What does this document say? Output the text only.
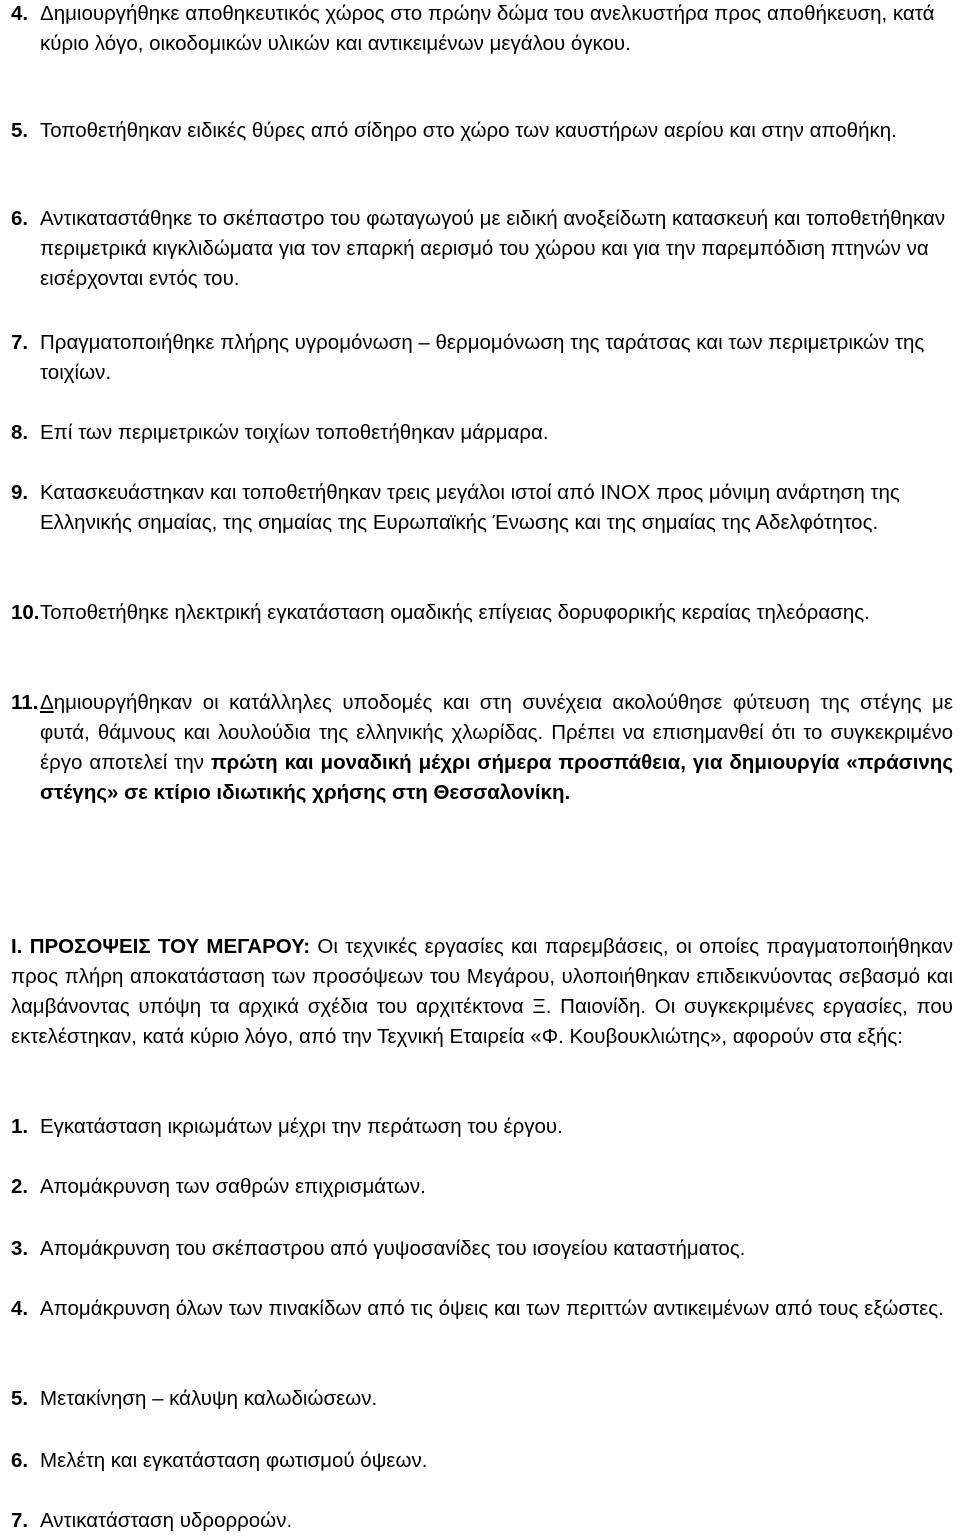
4. Δημιουργήθηκε αποθηκευτικός χώρος στο πρώην δώμα του ανελκυστήρα προς αποθήκευση, κατά κύριο λόγο, οικοδομικών υλικών και αντικειμένων μεγάλου όγκου.

5. Τοποθετήθηκαν ειδικές θύρες από σίδηρο στο χώρο των καυστήρων αερίου και στην αποθήκη.

6. Αντικαταστάθηκε το σκέπαστρο του φωταγωγού με ειδική ανοξείδωτη κατασκευή και τοποθετήθηκαν περιμετρικά κιγκλιδώματα για τον επαρκή αερισμό του χώρου και για την παρεμπόδιση πτηνών να εισέρχονται εντός του.

7. Πραγματοποιήθηκε πλήρης υγρομόνωση – θερμομόνωση της ταράτσας και των περιμετρικών της τοιχίων.

8. Επί των περιμετρικών τοιχίων τοποθετήθηκαν μάρμαρα.

9. Κατασκευάστηκαν και τοποθετήθηκαν τρεις μεγάλοι ιστοί από INOX προς μόνιμη ανάρτηση της Ελληνικής σημαίας, της σημαίας της Ευρωπαϊκής Ένωσης και της σημαίας της Αδελφότητος.

10. Τοποθετήθηκε ηλεκτρική εγκατάσταση ομαδικής επίγειας δορυφορικής κεραίας τηλεόρασης.

11. Δημιουργήθηκαν οι κατάλληλες υποδομές και στη συνέχεια ακολούθησε φύτευση της στέγης με φυτά, θάμνους και λουλούδια της ελληνικής χλωρίδας. Πρέπει να επισημανθεί ότι το συγκεκριμένο έργο αποτελεί την πρώτη και μοναδική μέχρι σήμερα προσπάθεια, για δημιουργία «πράσινης στέγης» σε κτίριο ιδιωτικής χρήσης στη Θεσσαλονίκη.

Ι. ΠΡΟΣΟΨΕΙΣ ΤΟΥ ΜΕΓΑΡΟΥ: Οι τεχνικές εργασίες και παρεμβάσεις, οι οποίες πραγματοποιήθηκαν προς πλήρη αποκατάσταση των προσόψεων του Μεγάρου, υλοποιήθηκαν επιδεικνύοντας σεβασμό και λαμβάνοντας υπόψη τα αρχικά σχέδια του αρχιτέκτονα Ξ. Παιονίδη. Οι συγκεκριμένες εργασίες, που εκτελέστηκαν, κατά κύριο λόγο, από την Τεχνική Εταιρεία «Φ. Κουβουκλιώτης», αφορούν στα εξής:

1. Εγκατάσταση ικριωμάτων μέχρι την περάτωση του έργου.

2. Απομάκρυνση των σαθρών επιχρισμάτων.

3. Απομάκρυνση του σκέπαστρου από γυψοσανίδες του ισογείου καταστήματος.

4. Απομάκρυνση όλων των πινακίδων από τις όψεις και των περιττών αντικειμένων από τους εξώστες.

5. Μετακίνηση – κάλυψη καλωδιώσεων.

6. Μελέτη και εγκατάσταση φωτισμού όψεων.

7. Αντικατάσταση υδρορροών.
